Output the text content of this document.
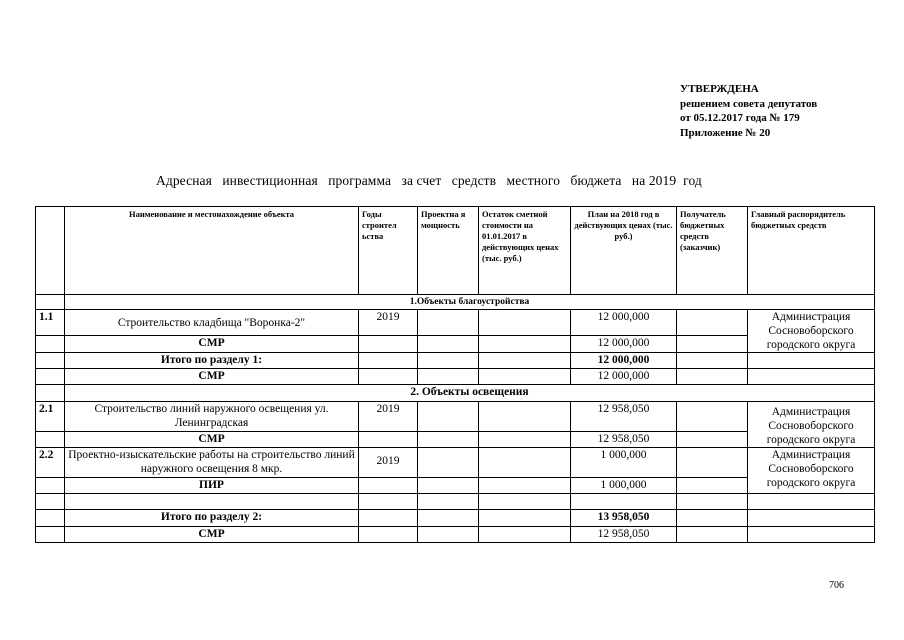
УТВЕРЖДЕНА
решением совета депутатов
от 05.12.2017 года № 179
Приложение № 20
Адресная   инвестиционная   программа   за счет   средств   местного   бюджета   на 2019  год
	Наименование и местонахождение объекта	Годы строител ьства	Проектна я мощность	Остаток сметной стоимости на 01.01.2017 в действующих ценах (тыс. руб.)	План на 2018 год в действующих ценах (тыс. руб.)	Получатель бюджетных средств (заказчик)	Главный распорядитель бюджетных средств
	1.Объекты благоустройства						
1.1	Строительство кладбища "Воронка-2"	2019			12 000,000		Администрация Сосновоборского городского округа
	СМР				12 000,000		
	Итого по разделу 1:				12 000,000		
	СМР				12 000,000		
	2. Объекты освещения						
2.1	Строительство линий наружного освещения ул. Ленинградская	2019			12 958,050		Администрация Сосновоборского городского округа
	СМР				12 958,050		
2.2	Проектно-изыскательские работы на строительство линий наружного освещения 8 мкр.	2019			1 000,000		Администрация Сосновоборского городского округа
	ПИР				1 000,000		

	Итого по разделу 2:				13 958,050		
	СМР				12 958,050		
706
